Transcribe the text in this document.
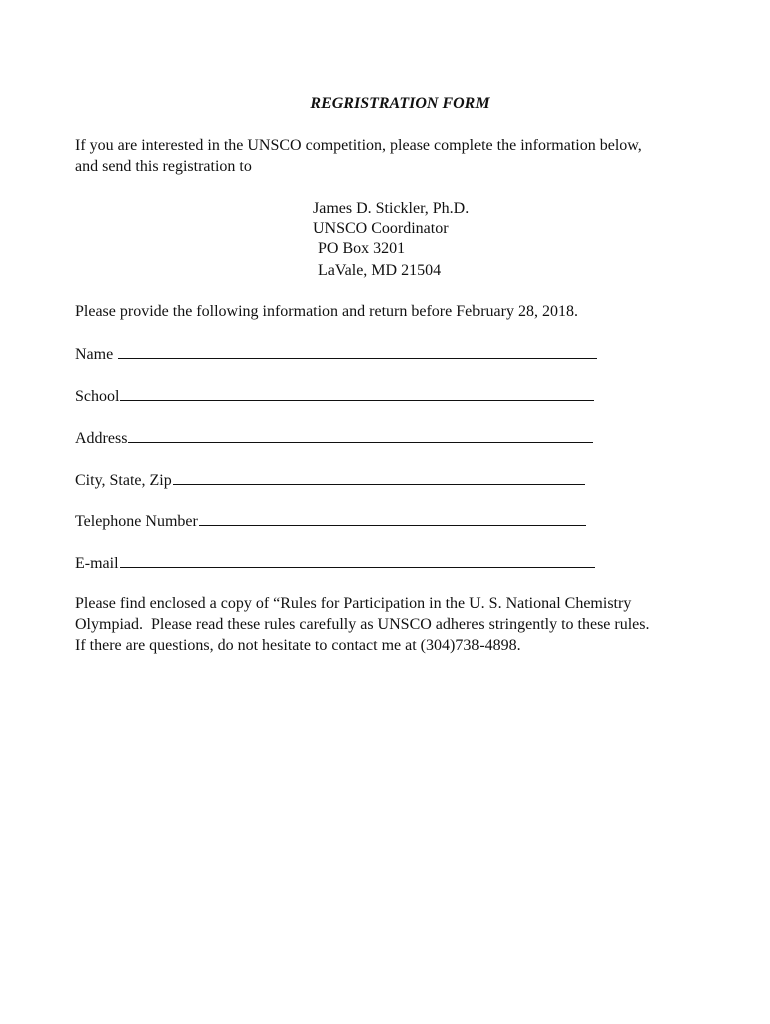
REGRISTRATION FORM
If you are interested in the UNSCO competition, please complete the information below,
and send this registration to
James D. Stickler, Ph.D.
UNSCO Coordinator
PO Box 3201
LaVale, MD 21504
Please provide the following information and return before February 28, 2018.
Name
School
Address
City, State, Zip
Telephone Number
E-mail
Please find enclosed a copy of “Rules for Participation in the U. S. National Chemistry
Olympiad.  Please read these rules carefully as UNSCO adheres stringently to these rules.
If there are questions, do not hesitate to contact me at (304)738-4898.
